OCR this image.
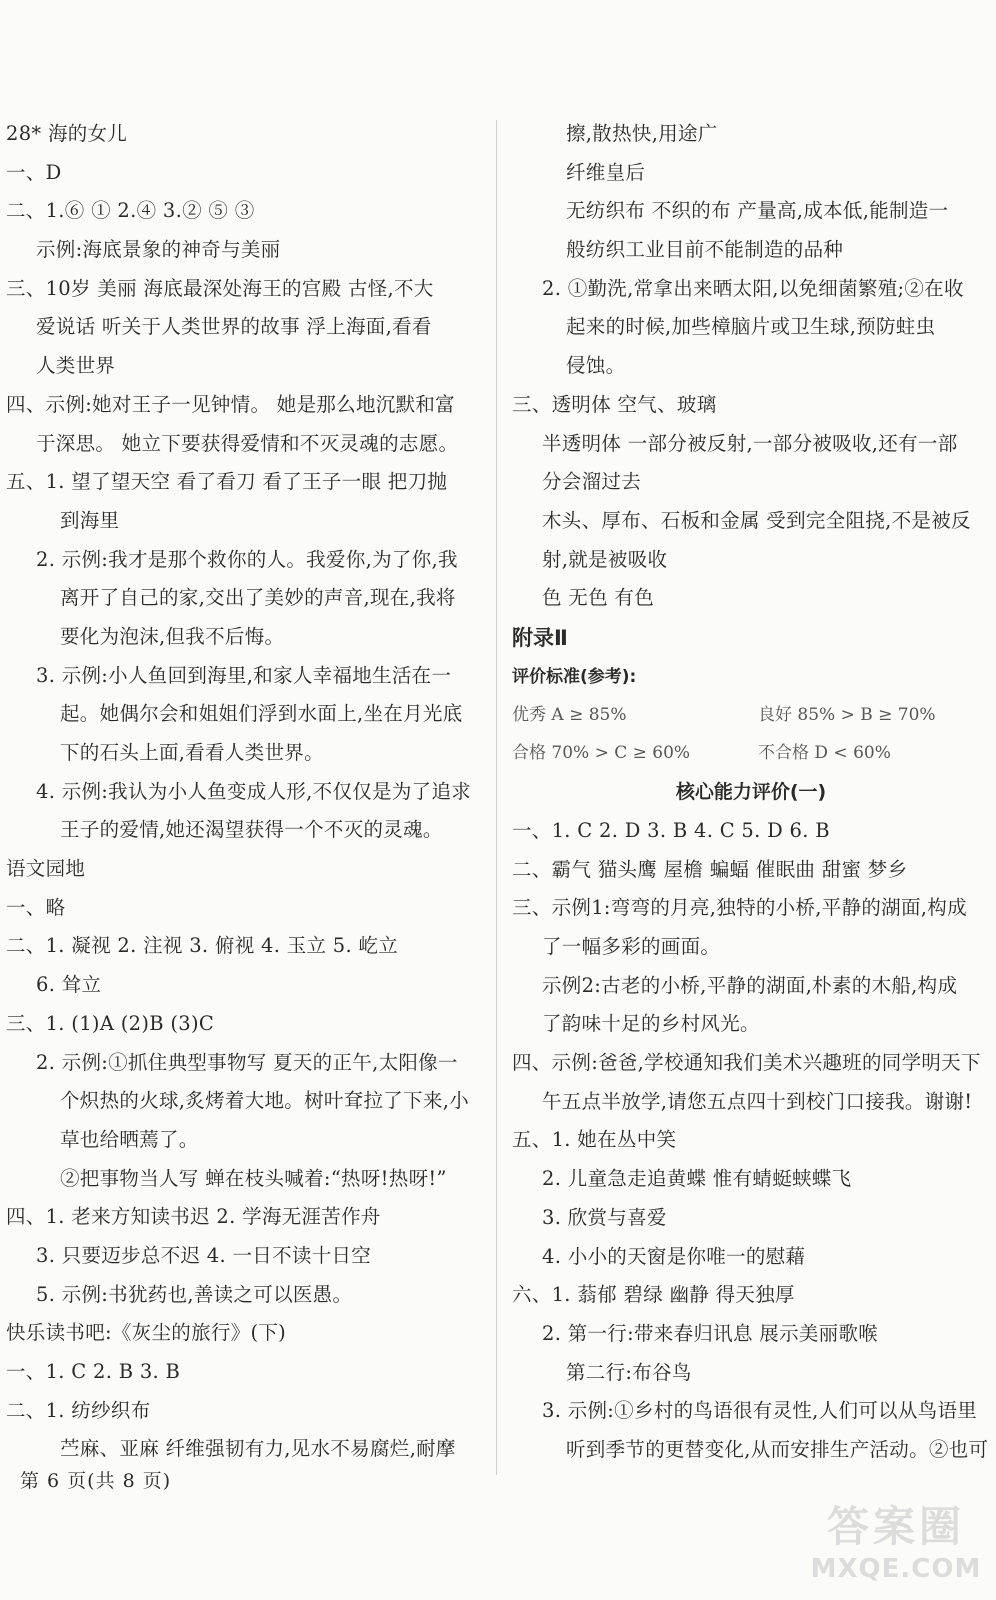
28* 海的女儿
一、D
二、1.⑥ ① 2.④ 3.② ⑤ ③
示例:海底景象的神奇与美丽
三、10岁 美丽 海底最深处海王的宫殿 古怪,不大
爱说话 听关于人类世界的故事 浮上海面,看看
人类世界
四、示例:她对王子一见钟情。 她是那么地沉默和富
于深思。 她立下要获得爱情和不灭灵魂的志愿。
五、1. 望了望天空 看了看刀 看了王子一眼 把刀抛
到海里
2. 示例:我才是那个救你的人。我爱你,为了你,我
离开了自己的家,交出了美妙的声音,现在,我将
要化为泡沫,但我不后悔。
3. 示例:小人鱼回到海里,和家人幸福地生活在一
起。她偶尔会和姐姐们浮到水面上,坐在月光底
下的石头上面,看看人类世界。
4. 示例:我认为小人鱼变成人形,不仅仅是为了追求
王子的爱情,她还渴望获得一个不灭的灵魂。
语文园地
一、略
二、1. 凝视 2. 注视 3. 俯视 4. 玉立 5. 屹立
6. 耸立
三、1. (1)A (2)B (3)C
2. 示例:①抓住典型事物写 夏天的正午,太阳像一
个炽热的火球,炙烤着大地。树叶耷拉了下来,小
草也给晒蔫了。
②把事物当人写 蝉在枝头喊着:“热呀!热呀!”
四、1. 老来方知读书迟 2. 学海无涯苦作舟
3. 只要迈步总不迟 4. 一日不读十日空
5. 示例:书犹药也,善读之可以医愚。
快乐读书吧:《灰尘的旅行》(下)
一、1. C 2. B 3. B
二、1. 纺纱织布
苎麻、亚麻 纤维强韧有力,见水不易腐烂,耐摩
擦,散热快,用途广
纤维皇后
无纺织布 不织的布 产量高,成本低,能制造一
般纺织工业目前不能制造的品种
2. ①勤洗,常拿出来晒太阳,以免细菌繁殖;②在收
起来的时候,加些樟脑片或卫生球,预防蛀虫
侵蚀。
三、透明体 空气、玻璃
半透明体 一部分被反射,一部分被吸收,还有一部
分会溜过去
木头、厚布、石板和金属 受到完全阻挠,不是被反
射,就是被吸收
色 无色 有色
附录Ⅱ
评价标准(参考):
优秀 A ≥ 85%	良好 85% > B ≥ 70%
合格 70% > C ≥ 60%	不合格 D < 60%
核心能力评价(一)
一、1. C 2. D 3. B 4. C 5. D 6. B
二、霸气 猫头鹰 屋檐 蝙蝠 催眠曲 甜蜜 梦乡
三、示例1:弯弯的月亮,独特的小桥,平静的湖面,构成
了一幅多彩的画面。
示例2:古老的小桥,平静的湖面,朴素的木船,构成
了韵味十足的乡村风光。
四、示例:爸爸,学校通知我们美术兴趣班的同学明天下
午五点半放学,请您五点四十到校门口接我。谢谢!
五、1. 她在丛中笑
2. 儿童急走追黄蝶 惟有蜻蜓蛱蝶飞
3. 欣赏与喜爱
4. 小小的天窗是你唯一的慰藉
六、1. 蓊郁 碧绿 幽静 得天独厚
2. 第一行:带来春归讯息 展示美丽歌喉
第二行:布谷鸟
3. 示例:①乡村的鸟语很有灵性,人们可以从鸟语里
听到季节的更替变化,从而安排生产活动。②也可
第 6 页(共 8 页)
答案圈
MXQE.COM
